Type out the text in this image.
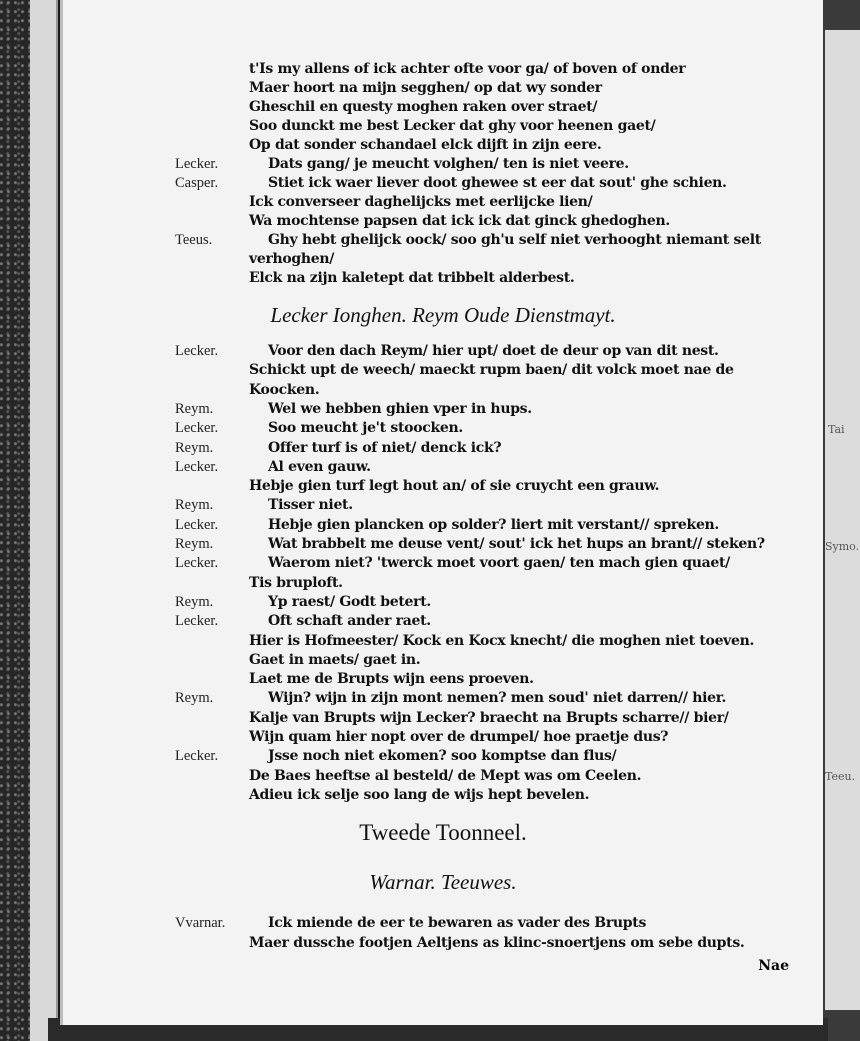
Tai
Symo.
Teeu.
t'Is my allens of ick achter ofte voor ga/ of boven of onder
Maer hoort na mijn segghen/ op dat wy sonder
Gheschil en questy moghen raken over straet/
Soo dunckt me best Lecker dat ghy voor heenen gaet/
Op dat sonder schandael elck dijft in zijn eere.
Lecker.	Dats gang/ je meucht volghen/ ten is niet veere.
Casper.	Stiet ick waer liever doot ghewee st eer dat sout' ghe schien.
Ick converseer daghelijcks met eerlijcke lien/
Wa mochtense papsen dat ick ick dat ginck ghedoghen.
Teeus.	Ghy hebt ghelijck oock/ soo gh'u self niet verhooght niemant selt
verhoghen/
Elck na zijn kaletept dat tribbelt alderbest.
Lecker.	Voor den dach Reym/ hier upt/ doet de deur op van dit nest.
Schickt upt de weech/ maeckt rupm baen/ dit volck moet nae de
Koocken.
Reym.	Wel we hebben ghien vper in hups.
Lecker.	Soo meucht je't stoocken.
Reym.	Offer turf is of niet/ denck ick?
Lecker.	Al even gauw.
Hebje gien turf legt hout an/ of sie cruycht een grauw.
Reym.	Tisser niet.
Lecker.	Hebje gien plancken op solder? liert mit verstant// spreken.
Reym.	Wat brabbelt me deuse vent/ sout' ick het hups an brant// steken?
Lecker.	Waerom niet? 'twerck moet voort gaen/ ten mach gien quaet/
Tis bruploft.
Reym.	Yp raest/ Godt betert.
Lecker.	Oft schaft ander raet.
Hier is Hofmeester/ Kock en Kocx knecht/ die moghen niet toeven.
Gaet in maets/ gaet in.
Laet me de Brupts wijn eens proeven.
Reym.	Wijn? wijn in zijn mont nemen? men soud' niet darren// hier.
Kalje van Brupts wijn Lecker? braecht na Brupts scharre// bier/
Wijn quam hier nopt over de drumpel/ hoe praetje dus?
Lecker.	Jsse noch niet ekomen? soo komptse dan flus/
De Baes heeftse al besteld/ de Mept was om Ceelen.
Adieu ick selje soo lang de wijs hept bevelen.
Lecker Ionghen. Reym Oude Dienstmayt.
Tweede Toonneel.
Warnar. Teeuwes.
Vvarnar.	Ick miende de eer te bewaren as vader des Brupts
Maer dussche footjen Aeltjens as klinc-snoertjens om sebe dupts.
Nae
